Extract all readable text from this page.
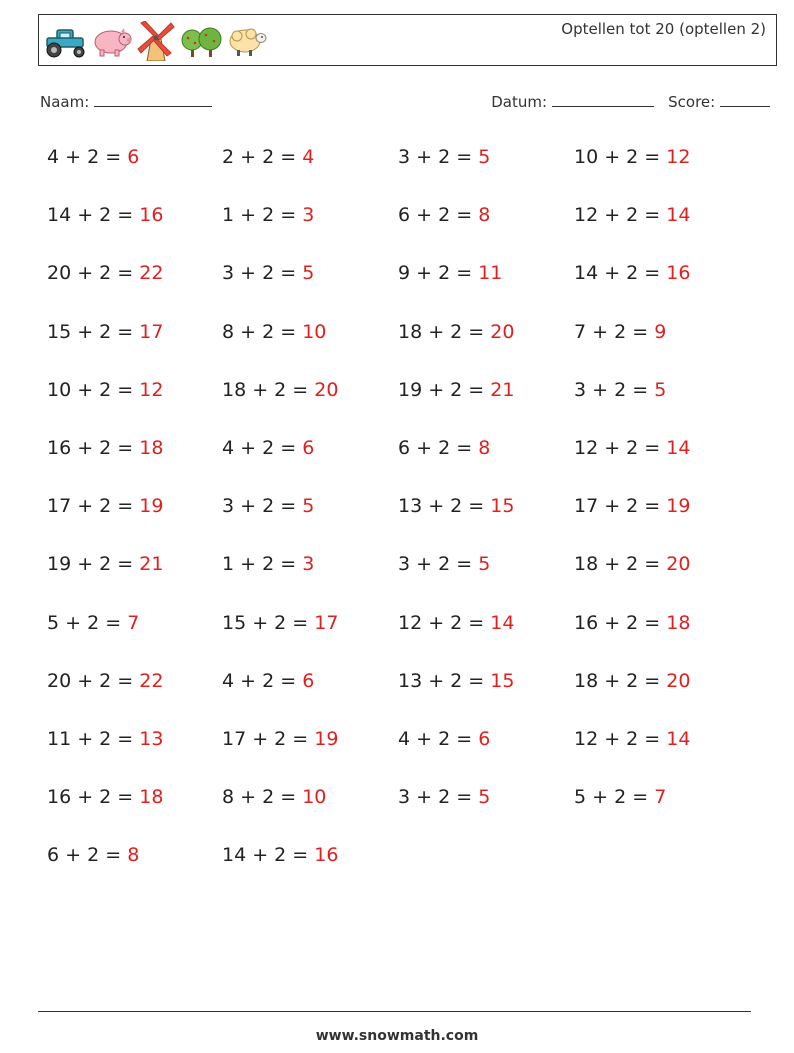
Optellen tot 20 (optellen 2)
Naam:	Datum:	Score:
4 + 2 = 6	2 + 2 = 4	3 + 2 = 5	10 + 2 = 12
14 + 2 = 16	1 + 2 = 3	6 + 2 = 8	12 + 2 = 14
20 + 2 = 22	3 + 2 = 5	9 + 2 = 11	14 + 2 = 16
15 + 2 = 17	8 + 2 = 10	18 + 2 = 20	7 + 2 = 9
10 + 2 = 12	18 + 2 = 20	19 + 2 = 21	3 + 2 = 5
16 + 2 = 18	4 + 2 = 6	6 + 2 = 8	12 + 2 = 14
17 + 2 = 19	3 + 2 = 5	13 + 2 = 15	17 + 2 = 19
19 + 2 = 21	1 + 2 = 3	3 + 2 = 5	18 + 2 = 20
5 + 2 = 7	15 + 2 = 17	12 + 2 = 14	16 + 2 = 18
20 + 2 = 22	4 + 2 = 6	13 + 2 = 15	18 + 2 = 20
11 + 2 = 13	17 + 2 = 19	4 + 2 = 6	12 + 2 = 14
16 + 2 = 18	8 + 2 = 10	3 + 2 = 5	5 + 2 = 7
6 + 2 = 8	14 + 2 = 16
www.snowmath.com
